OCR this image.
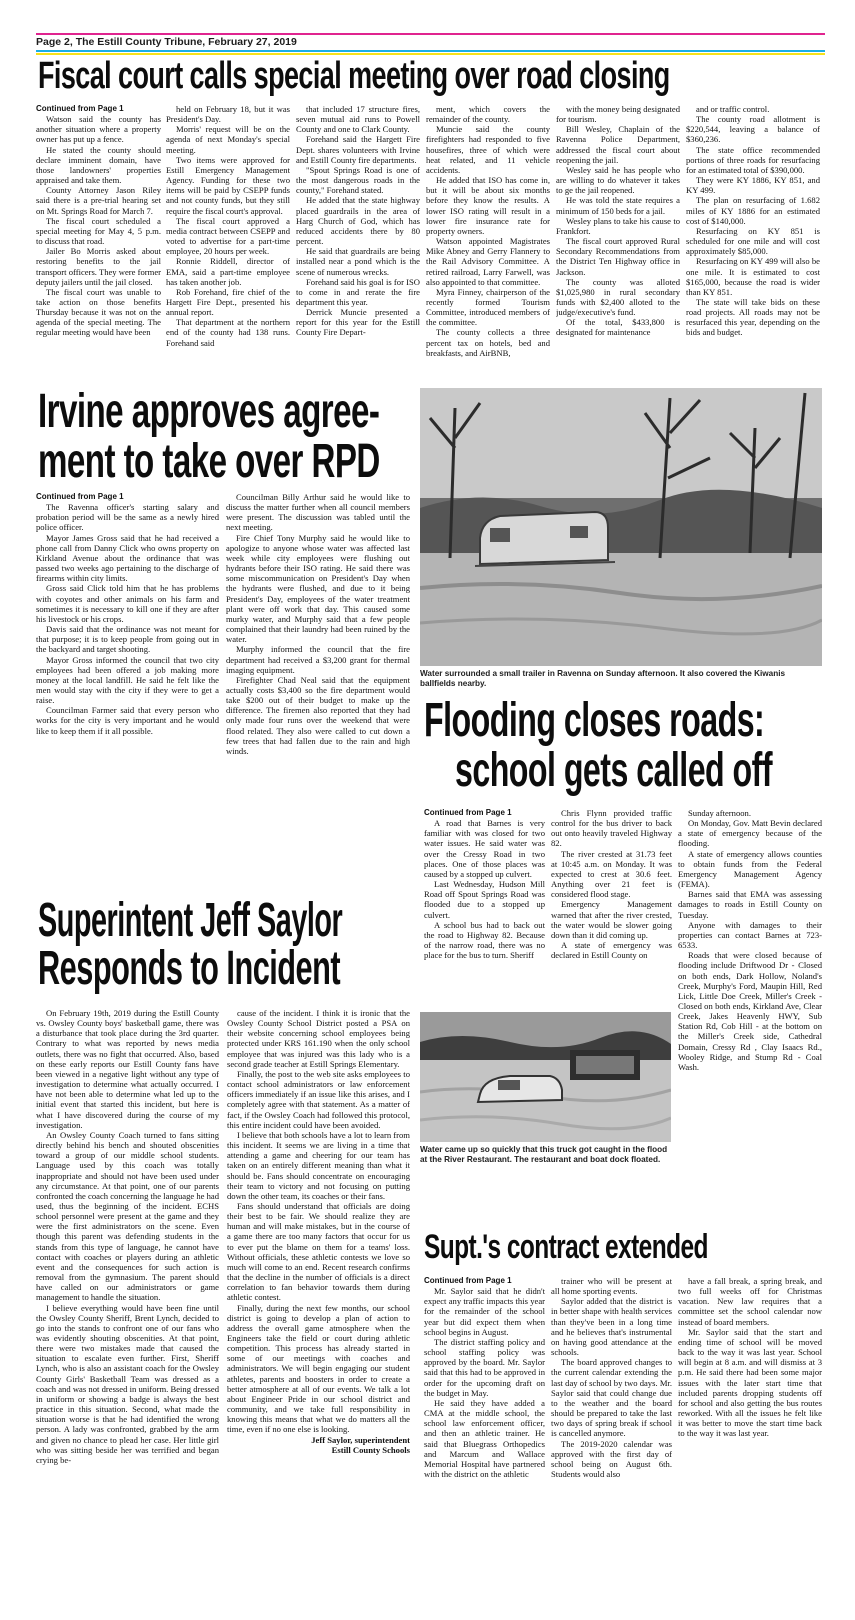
Page 2, The Estill County Tribune, February 27, 2019
Fiscal court calls special meeting over road closing

Continued from Page 1

Watson said the county has another situation where a property owner has put up a fence.

He stated the county should declare imminent domain, have those landowners' properties appraised and take them.

County Attorney Jason Riley said there is a pre-trial hearing set on Mt. Springs Road for March 7.

The fiscal court scheduled a special meeting for May 4, 5 p.m. to discuss that road.

Jailer Bo Morris asked about restoring benefits to the jail transport officers. They were former deputy jailers until the jail closed.

The fiscal court was unable to take action on those benefits Thursday because it was not on the agenda of the special meeting. The regular meeting would have been

held on February 18, but it was President's Day.

Morris' request will be on the agenda of next Monday's special meeting.

Two items were approved for Estill Emergency Management Agency. Funding for these two items will be paid by CSEPP funds and not county funds, but they still require the fiscal court's approval.

The fiscal court approved a media contract between CSEPP and voted to advertise for a part-time employee, 20 hours per week.

Ronnie Riddell, director of EMA, said a part-time employee has taken another job.

Rob Forehand, fire chief of the Hargett Fire Dept., presented his annual report.

That department at the northern end of the county had 138 runs. Forehand said

that included 17 structure fires, seven mutual aid runs to Powell County and one to Clark County.

Forehand said the Hargett Fire Dept. shares volunteers with Irvine and Estill County fire departments.

"Spout Springs Road is one of the most dangerous roads in the county," Forehand stated.

He added that the state highway placed guardrails in the area of Harg Church of God, which has reduced accidents there by 80 percent.

He said that guardrails are being installed near a pond which is the scene of numerous wrecks.

Forehand said his goal is for ISO to come in and rerate the fire department this year.

Derrick Muncie presented a report for this year for the Estill County Fire Depart-

ment, which covers the remainder of the county.

Muncie said the county firefighters had responded to five housefires, three of which were heat related, and 11 vehicle accidents.

He added that ISO has come in, but it will be about six months before they know the results. A lower ISO rating will result in a lower fire insurance rate for property owners.

Watson appointed Magistrates Mike Abney and Gerry Flannery to the Rail Advisory Committee. A retired railroad, Larry Farwell, was also appointed to that committee.

Myra Finney, chairperson of the recently formed Tourism Committee, introduced members of the committee.

The county collects a three percent tax on hotels, bed and breakfasts, and AirBNB,

with the money being designated for tourism.

Bill Wesley, Chaplain of the Ravenna Police Department, addressed the fiscal court about reopening the jail.

Wesley said he has people who are willing to do whatever it takes to ge the jail reopened.

He was told the state requires a minimum of 150 beds for a jail.

Wesley plans to take his cause to Frankfort.

The fiscal court approved Rural Secondary Recommendations from the District Ten Highway office in Jackson.

The county was alloted $1,025,980 in rural secondary funds with $2,400 alloted to the judge/executive's fund.

Of the total, $433,800 is designated for maintenance

and or traffic control.

The county road allotment is $220,544, leaving a balance of $360,236.

The state office recommended portions of three roads for resurfacing for an estimated total of $390,000.

They were KY 1886, KY 851, and KY 499.

The plan on resurfacing of 1.682 miles of KY 1886 for an estimated cost of $140,000.

Resurfacing on KY 851 is scheduled for one mile and will cost approximately $85,000.

Resurfacing on KY 499 will also be one mile. It is estimated to cost $165,000, because the road is wider than KY 851.

The state will take bids on these road projects. All roads may not be resurfaced this year, depending on the bids and budget.

Irvine approves agree-
ment to take over RPD

Continued from Page 1

The Ravenna officer's starting salary and probation period will be the same as a newly hired police officer.

Mayor James Gross said that he had received a phone call from Danny Click who owns property on Kirkland Avenue about the ordinance that was passed two weeks ago pertaining to the discharge of firearms within city limits.

Gross said Click told him that he has problems with coyotes and other animals on his farm and sometimes it is necessary to kill one if they are after his livestock or his crops.

Davis said that the ordinance was not meant for that purpose; it is to keep people from going out in the backyard and target shooting.

Mayor Gross informed the council that two city employees had been offered a job making more money at the local landfill. He said he felt like the men would stay with the city if they were to get a raise.

Councilman Farmer said that every person who works for the city is very important and he would like to keep them if it all possible.

Councilman Billy Arthur said he would like to discuss the matter further when all council members were present. The discussion was tabled until the next meeting.

Fire Chief Tony Murphy said he would like to apologize to anyone whose water was affected last week while city employees were flushing out hydrants before their ISO rating. He said there was some miscommunication on President's Day when the hydrants were flushed, and due to it being President's Day, employees of the water treatment plant were off work that day. This caused some murky water, and Murphy said that a few people complained that their laundry had been ruined by the water.

Murphy informed the council that the fire department had received a $3,200 grant for thermal imaging equipment.

Firefighter Chad Neal said that the equipment actually costs $3,400 so the fire department would take $200 out of their budget to make up the difference. The firemen also reported that they had only made four runs over the weekend that were flood related. They also were called to cut down a few trees that had fallen due to the rain and high winds.

Water surrounded a small trailer in Ravenna on Sunday afternoon. It also covered the Kiwanis ballfields nearby.
Flooding closes roads:
school gets called off

Continued from Page 1

A road that Barnes is very familiar with was closed for two water issues. He said water was over the Cressy Road in two places. One of those places was caused by a stopped up culvert.

Last Wednesday, Hudson Mill Road off Spout Springs Road was flooded due to a stopped up culvert.

A school bus had to back out the road to Highway 82. Because of the narrow road, there was no place for the bus to turn. Sheriff

Chris Flynn provided traffic control for the bus driver to back out onto heavily traveled Highway 82.

The river crested at 31.73 feet at 10:45 a.m. on Monday. It was expected to crest at 30.6 feet. Anything over 21 feet is considered flood stage.

Emergency Management warned that after the river crested, the water would be slower going down than it did coming up.

A state of emergency was declared in Estill County on

Sunday afternoon.

On Monday, Gov. Matt Bevin declared a state of emergency because of the flooding.

A state of emergency allows counties to obtain funds from the Federal Emergency Management Agency (FEMA).

Barnes said that EMA was assessing damages to roads in Estill County on Tuesday.

Anyone with damages to their properties can contact Barnes at 723-6533.

Roads that were closed because of flooding include Driftwood Dr - Closed on both ends, Dark Hollow, Noland's Creek, Murphy's Ford, Maupin Hill, Red Lick, Little Doe Creek, Miller's Creek - Closed on both ends, Kirkland Ave, Clear Creek, Jakes Heavenly HWY, Sub Station Rd, Cob Hill - at the bottom on the Miller's Creek side, Cathedral Domain, Cressy Rd , Clay Isaacs Rd., Wooley Ridge, and Stump Rd - Coal Wash.

Water came up so quickly that this truck got caught in the flood at the River Restaurant. The restaurant and boat dock floated.
Superintent Jeff Saylor
Responds to Incident

On February 19th, 2019 during the Estill County vs. Owsley County boys' basketball game, there was a disturbance that took place during the 3rd quarter. Contrary to what was reported by news media outlets, there was no fight that occurred. Also, based on these early reports our Estill County fans have been viewed in a negative light without any type of investigation to determine what actually occurred. I have not been able to determine what led up to the initial event that started this incident, but here is what I have discovered during the course of my investigation.

An Owsley County Coach turned to fans sitting directly behind his bench and shouted obscenities toward a group of our middle school students. Language used by this coach was totally inappropriate and should not have been used under any circumstance. At that point, one of our parents confronted the coach concerning the language he had used, thus the beginning of the incident. ECHS school personnel were present at the game and they were the first administrators on the scene. Even though this parent was defending students in the stands from this type of language, he cannot have contact with coaches or players during an athletic event and the consequences for such action is removal from the gymnasium. The parent should have called on our administrators or game management to handle the situation.

I believe everything would have been fine until the Owsley County Sheriff, Brent Lynch, decided to go into the stands to confront one of our fans who was evidently shouting obscenities. At that point, there were two mistakes made that caused the situation to escalate even further. First, Sheriff Lynch, who is also an assistant coach for the Owsley County Girls' Basketball Team was dressed as a coach and was not dressed in uniform. Being dressed in uniform or showing a badge is always the best practice in this situation. Second, what made the situation worse is that he had identified the wrong person. A lady was confronted, grabbed by the arm and given no chance to plead her case. Her little girl who was sitting beside her was terrified and began crying be-

cause of the incident. I think it is ironic that the Owsley County School District posted a PSA on their website concerning school employees being protected under KRS 161.190 when the only school employee that was injured was this lady who is a second grade teacher at Estill Springs Elementary.

Finally, the post to the web site asks employees to contact school administrators or law enforcement officers immediately if an issue like this arises, and I completely agree with that statement. As a matter of fact, if the Owsley Coach had followed this protocol, this entire incident could have been avoided.

I believe that both schools have a lot to learn from this incident. It seems we are living in a time that attending a game and cheering for our team has taken on an entirely different meaning than what it should be. Fans should concentrate on encouraging their team to victory and not focusing on putting down the other team, its coaches or their fans.

Fans should understand that officials are doing their best to be fair. We should realize they are human and will make mistakes, but in the course of a game there are too many factors that occur for us to ever put the blame on them for a teams' loss. Without officials, these athletic contests we love so much will come to an end. Recent research confirms that the decline in the number of officials is a direct correlation to fan behavior towards them during athletic contest.

Finally, during the next few months, our school district is going to develop a plan of action to address the overall game atmosphere when the Engineers take the field or court during athletic competition. This process has already started in some of our meetings with coaches and administrators. We will begin engaging our student athletes, parents and boosters in order to create a better atmosphere at all of our events. We talk a lot about Engineer Pride in our school district and community, and we take full responsibility in knowing this means that what we do matters all the time, even if no one else is looking.

Jeff Saylor, superintendent

Estill County Schools

Supt.'s contract extended

Continued from Page 1

Mr. Saylor said that he didn't expect any traffic impacts this year for the remainder of the school year but did expect them when school begins in August.

The district staffing policy and school staffing policy was approved by the board. Mr. Saylor said that this had to be approved in order for the upcoming draft on the budget in May.

He said they have added a CMA at the middle school, the school law enforcement officer, and then an athletic trainer. He said that Bluegrass Orthopedics and Marcum and Wallace Memorial Hospital have partnered with the district on the athletic

trainer who will be present at all home sporting events.

Saylor added that the district is in better shape with health services than they've been in a long time and he believes that's instrumental on having good attendance at the schools.

The board approved changes to the current calendar extending the last day of school by two days. Mr. Saylor said that could change due to the weather and the board should be prepared to take the last two days of spring break if school is cancelled anymore.

The 2019-2020 calendar was approved with the first day of school being on August 6th. Students would also

have a fall break, a spring break, and two full weeks off for Christmas vacation. New law requires that a committee set the school calendar now instead of board members.

Mr. Saylor said that the start and ending time of school will be moved back to the way it was last year. School will begin at 8 a.m. and will dismiss at 3 p.m. He said there had been some major issues with the later start time that included parents dropping students off for school and also getting the bus routes reworked. With all the issues he felt like it was better to move the start time back to the way it was last year.
